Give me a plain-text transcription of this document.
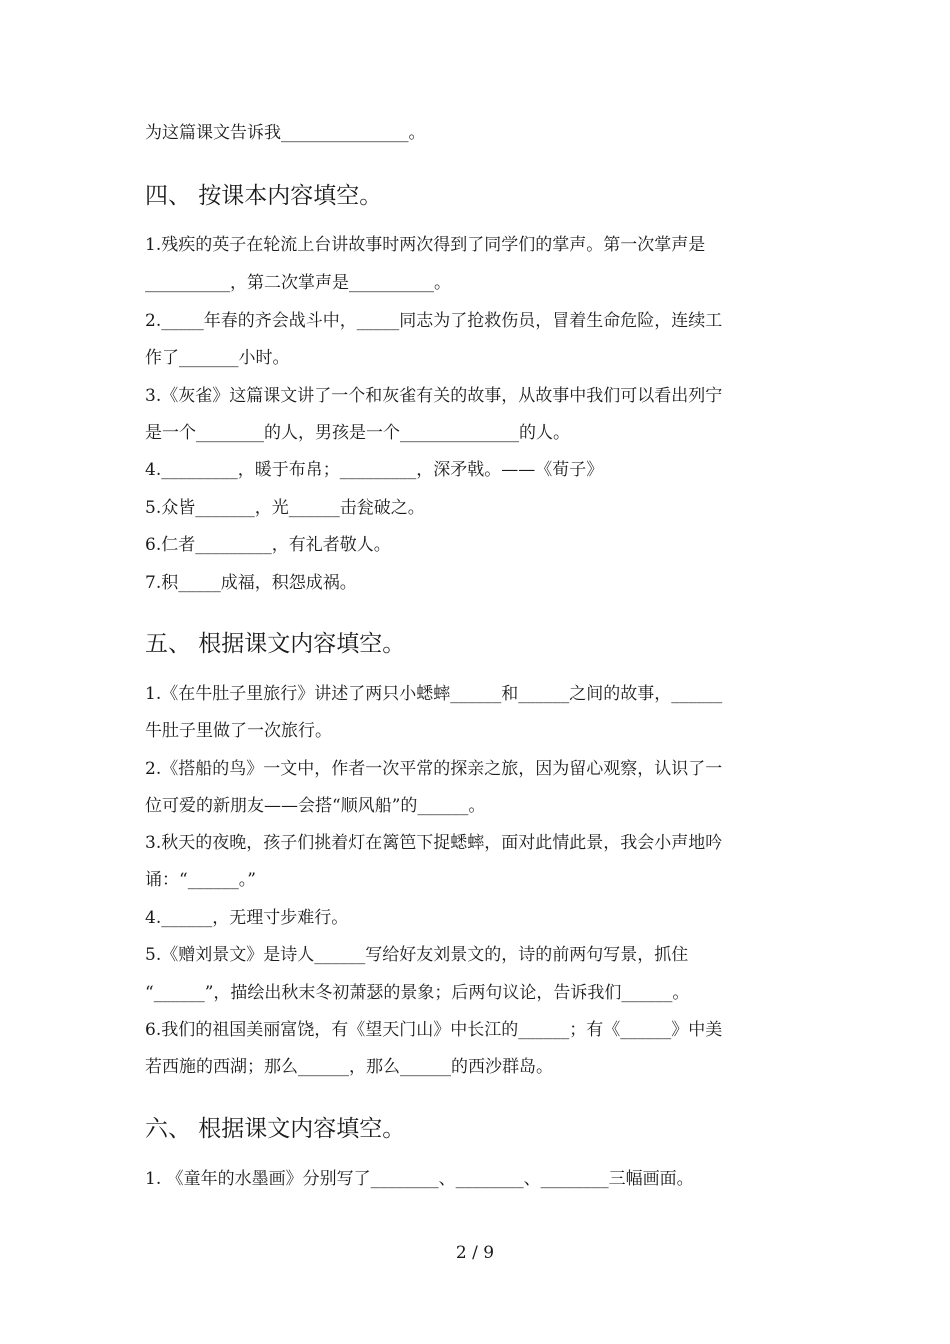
为这篇课文告诉我_______________。
四、 按课本内容填空。
1.残疾的英子在轮流上台讲故事时两次得到了同学们的掌声。第一次掌声是
__________，第二次掌声是__________。
2._____年春的齐会战斗中，_____同志为了抢救伤员，冒着生命危险，连续工
作了_______小时。
3.《灰雀》这篇课文讲了一个和灰雀有关的故事，从故事中我们可以看出列宁
是一个________的人，男孩是一个______________的人。
4._________，暖于布帛；_________，深矛戟。——《荀子》
5.众皆_______，光______击瓮破之。
6.仁者_________，有礼者敬人。
7.积_____成福，积怨成祸。
五、 根据课文内容填空。
1.《在牛肚子里旅行》讲述了两只小蟋蟀______和______之间的故事，______
牛肚子里做了一次旅行。
2.《搭船的鸟》一文中，作者一次平常的探亲之旅，因为留心观察，认识了一
位可爱的新朋友——会搭“顺风船”的______。
3.秋天的夜晚，孩子们挑着灯在篱笆下捉蟋蟀，面对此情此景，我会小声地吟
诵：“______。”
4.______，无理寸步难行。
5.《赠刘景文》是诗人______写给好友刘景文的，诗的前两句写景，抓住
“______”，描绘出秋末冬初萧瑟的景象；后两句议论，告诉我们______。
6.我们的祖国美丽富饶，有《望天门山》中长江的______；有《______》中美
若西施的西湖；那么______，那么______的西沙群岛。
六、 根据课文内容填空。
1. 《童年的水墨画》分别写了________、________、________三幅画面。
2 / 9
